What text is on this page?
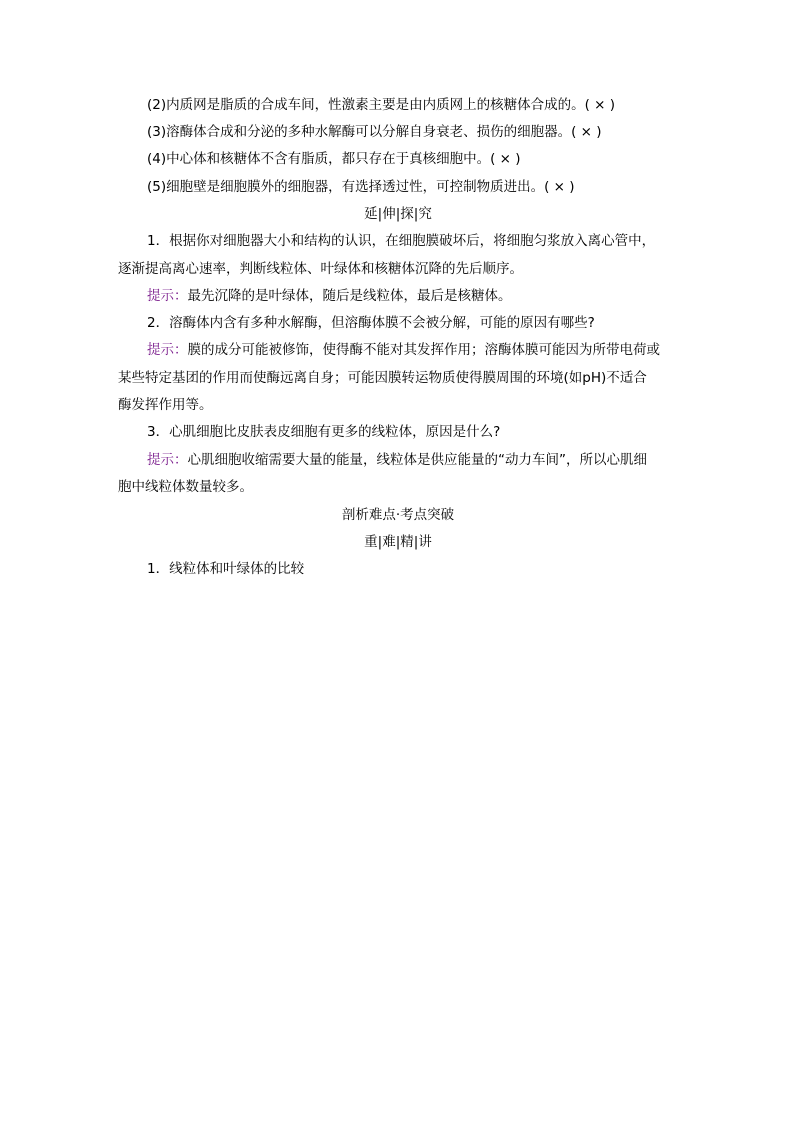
(2)内质网是脂质的合成车间，性激素主要是由内质网上的核糖体合成的。( × )
(3)溶酶体合成和分泌的多种水解酶可以分解自身衰老、损伤的细胞器。( × )
(4)中心体和核糖体不含有脂质，都只存在于真核细胞中。( × )
(5)细胞壁是细胞膜外的细胞器，有选择透过性，可控制物质进出。( × )
延|伸|探|究
1．根据你对细胞器大小和结构的认识，在细胞膜破坏后，将细胞匀浆放入离心管中，
逐渐提高离心速率，判断线粒体、叶绿体和核糖体沉降的先后顺序。
提示：最先沉降的是叶绿体，随后是线粒体，最后是核糖体。
2．溶酶体内含有多种水解酶，但溶酶体膜不会被分解，可能的原因有哪些?
提示：膜的成分可能被修饰，使得酶不能对其发挥作用；溶酶体膜可能因为所带电荷或
某些特定基团的作用而使酶远离自身；可能因膜转运物质使得膜周围的环境(如pH)不适合
酶发挥作用等。
3．心肌细胞比皮肤表皮细胞有更多的线粒体，原因是什么?
提示：心肌细胞收缩需要大量的能量，线粒体是供应能量的“动力车间”，所以心肌细
胞中线粒体数量较多。
剖析难点·考点突破
重|难|精|讲
1．线粒体和叶绿体的比较
